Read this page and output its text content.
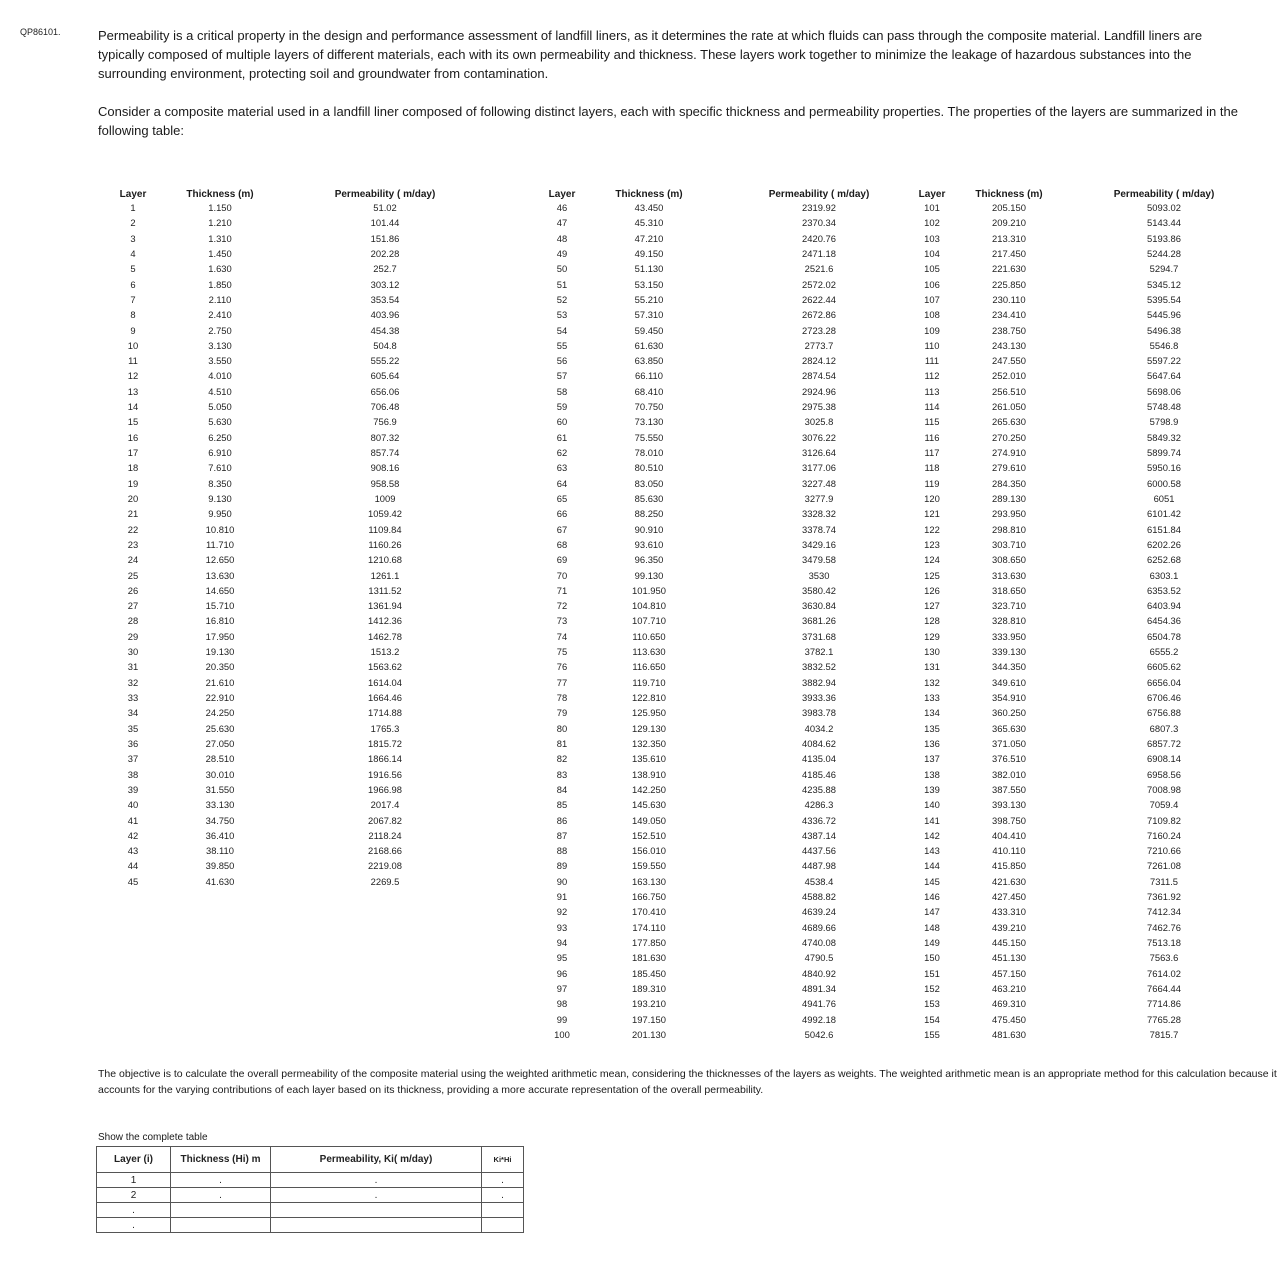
QP86101.	Permeability is a critical property in the design and performance assessment of landfill liners, as it determines the rate at which fluids can pass through the composite material. Landfill liners are typically composed of multiple layers of different materials, each with its own permeability and thickness. These layers work together to minimize the leakage of hazardous substances into the surrounding environment, protecting soil and groundwater from contamination.

Consider a composite material used in a landfill liner composed of following distinct layers, each with specific thickness and permeability properties. The properties of the layers are summarized in the following table:

Layer	Thickness (m)	Permeability ( m/day)
1	1.150	51.02
2	1.210	101.44
3	1.310	151.86
4	1.450	202.28
5	1.630	252.7
6	1.850	303.12
7	2.110	353.54
8	2.410	403.96
9	2.750	454.38
10	3.130	504.8
11	3.550	555.22
12	4.010	605.64
13	4.510	656.06
14	5.050	706.48
15	5.630	756.9
16	6.250	807.32
17	6.910	857.74
18	7.610	908.16
19	8.350	958.58
20	9.130	1009
21	9.950	1059.42
22	10.810	1109.84
23	11.710	1160.26
24	12.650	1210.68
25	13.630	1261.1
26	14.650	1311.52
27	15.710	1361.94
28	16.810	1412.36
29	17.950	1462.78
30	19.130	1513.2
31	20.350	1563.62
32	21.610	1614.04
33	22.910	1664.46
34	24.250	1714.88
35	25.630	1765.3
36	27.050	1815.72
37	28.510	1866.14
38	30.010	1916.56
39	31.550	1966.98
40	33.130	2017.4
41	34.750	2067.82
42	36.410	2118.24
43	38.110	2168.66
44	39.850	2219.08
45	41.630	2269.5
Layer	Thickness (m)	Permeability ( m/day)
46	43.450	2319.92
47	45.310	2370.34
48	47.210	2420.76
49	49.150	2471.18
50	51.130	2521.6
51	53.150	2572.02
52	55.210	2622.44
53	57.310	2672.86
54	59.450	2723.28
55	61.630	2773.7
56	63.850	2824.12
57	66.110	2874.54
58	68.410	2924.96
59	70.750	2975.38
60	73.130	3025.8
61	75.550	3076.22
62	78.010	3126.64
63	80.510	3177.06
64	83.050	3227.48
65	85.630	3277.9
66	88.250	3328.32
67	90.910	3378.74
68	93.610	3429.16
69	96.350	3479.58
70	99.130	3530
71	101.950	3580.42
72	104.810	3630.84
73	107.710	3681.26
74	110.650	3731.68
75	113.630	3782.1
76	116.650	3832.52
77	119.710	3882.94
78	122.810	3933.36
79	125.950	3983.78
80	129.130	4034.2
81	132.350	4084.62
82	135.610	4135.04
83	138.910	4185.46
84	142.250	4235.88
85	145.630	4286.3
86	149.050	4336.72
87	152.510	4387.14
88	156.010	4437.56
89	159.550	4487.98
90	163.130	4538.4
91	166.750	4588.82
92	170.410	4639.24
93	174.110	4689.66
94	177.850	4740.08
95	181.630	4790.5
96	185.450	4840.92
97	189.310	4891.34
98	193.210	4941.76
99	197.150	4992.18
100	201.130	5042.6
Layer	Thickness (m)	Permeability ( m/day)
101	205.150	5093.02
102	209.210	5143.44
103	213.310	5193.86
104	217.450	5244.28
105	221.630	5294.7
106	225.850	5345.12
107	230.110	5395.54
108	234.410	5445.96
109	238.750	5496.38
110	243.130	5546.8
111	247.550	5597.22
112	252.010	5647.64
113	256.510	5698.06
114	261.050	5748.48
115	265.630	5798.9
116	270.250	5849.32
117	274.910	5899.74
118	279.610	5950.16
119	284.350	6000.58
120	289.130	6051
121	293.950	6101.42
122	298.810	6151.84
123	303.710	6202.26
124	308.650	6252.68
125	313.630	6303.1
126	318.650	6353.52
127	323.710	6403.94
128	328.810	6454.36
129	333.950	6504.78
130	339.130	6555.2
131	344.350	6605.62
132	349.610	6656.04
133	354.910	6706.46
134	360.250	6756.88
135	365.630	6807.3
136	371.050	6857.72
137	376.510	6908.14
138	382.010	6958.56
139	387.550	7008.98
140	393.130	7059.4
141	398.750	7109.82
142	404.410	7160.24
143	410.110	7210.66
144	415.850	7261.08
145	421.630	7311.5
146	427.450	7361.92
147	433.310	7412.34
148	439.210	7462.76
149	445.150	7513.18
150	451.130	7563.6
151	457.150	7614.02
152	463.210	7664.44
153	469.310	7714.86
154	475.450	7765.28
155	481.630	7815.7

The objective is to calculate the overall permeability of the composite material using the weighted arithmetic mean, considering the thicknesses of the layers as weights. The weighted arithmetic mean is an appropriate method for this calculation because it accounts for the varying contributions of each layer based on its thickness, providing a more accurate representation of the overall permeability.

Show the complete table
Layer (i)	Thickness (Hi) m	Permeability, Ki( m/day)	Ki*Hi
1	.	.	.
2	.	.	.
.			
.			
